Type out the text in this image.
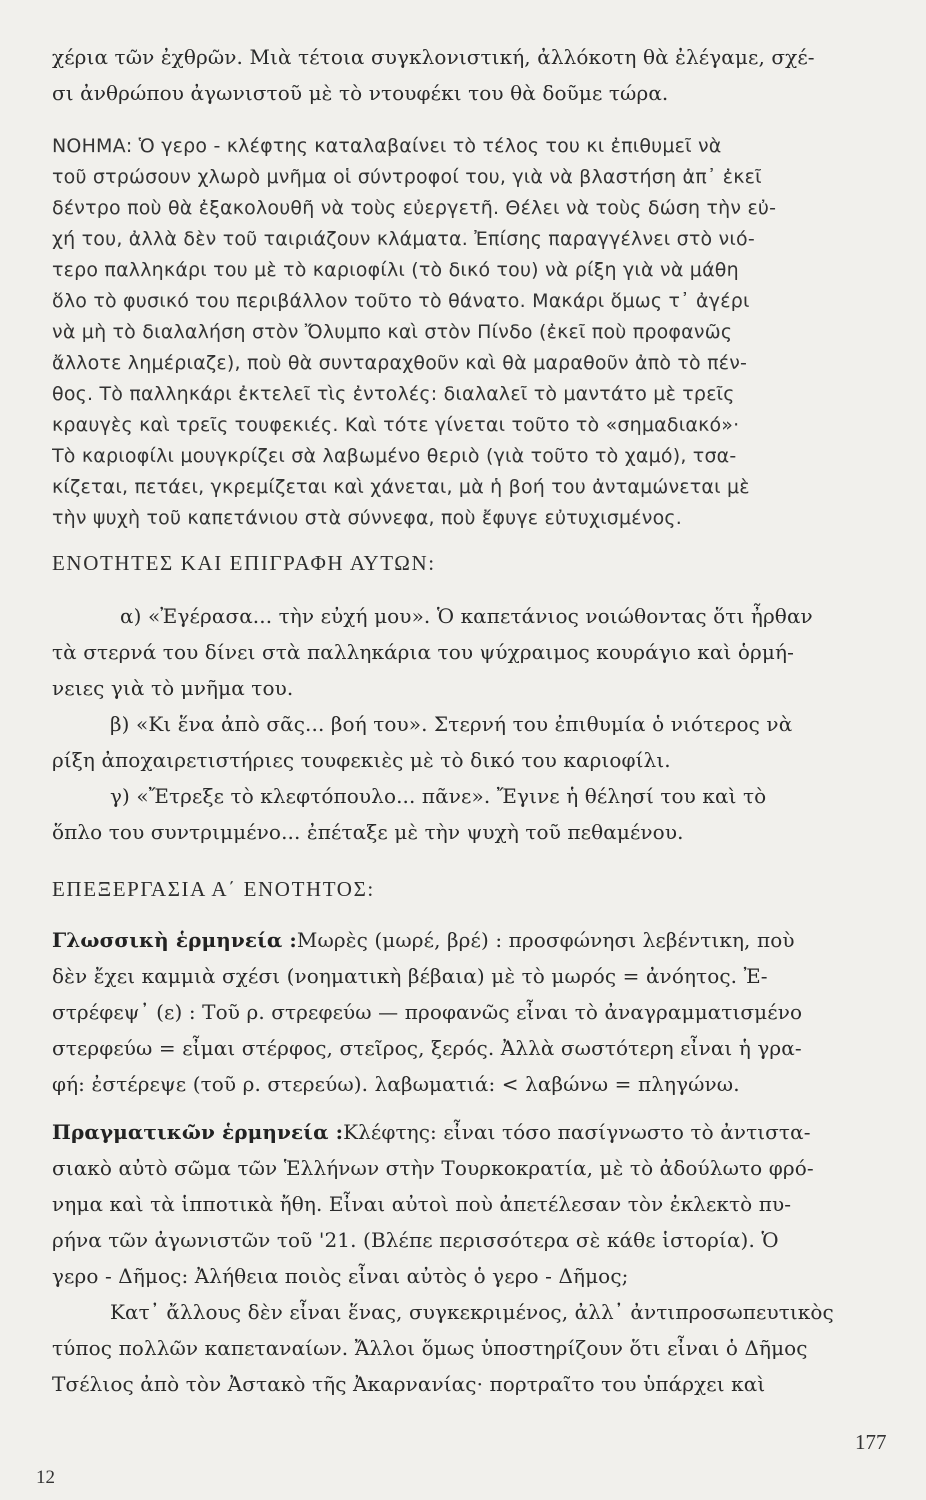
χέρια τῶν ἐχθρῶν. Μιὰ τέτοια συγκλονιστική, ἀλλόκοτη θὰ ἐλέγαμε, σχέ-
σι ἀνθρώπου ἀγωνιστοῦ μὲ τὸ ντουφέκι του θὰ δοῦμε τώρα.
ΝΟΗΜΑ: Ὁ γερο - κλέφτης καταλαβαίνει τὸ τέλος του κι ἐπιθυμεῖ νὰ
τοῦ στρώσουν χλωρὸ μνῆμα οἱ σύντροφοί του, γιὰ νὰ βλαστήση ἀπ᾽ ἐκεῖ
δέντρο ποὺ θὰ ἐξακολουθῆ νὰ τοὺς εὐεργετῆ. Θέλει νὰ τοὺς δώση τὴν εὐ-
χή του, ἀλλὰ δὲν τοῦ ταιριάζουν κλάματα. Ἐπίσης παραγγέλνει στὸ νιό-
τερο παλληκάρι του μὲ τὸ καριοφίλι (τὸ δικό του) νὰ ρίξη γιὰ νὰ μάθη
ὅλο τὸ φυσικό του περιβάλλον τοῦτο τὸ θάνατο. Μακάρι ὅμως τ᾽ ἀγέρι
νὰ μὴ τὸ διαλαλήση στὸν Ὄλυμπο καὶ στὸν Πίνδο (ἐκεῖ ποὺ προφανῶς
ἄλλοτε λημέριαζε), ποὺ θὰ συνταραχθοῦν καὶ θὰ μαραθοῦν ἀπὸ τὸ πέν-
θος. Τὸ παλληκάρι ἐκτελεῖ τὶς ἐντολές: διαλαλεῖ τὸ μαντάτο μὲ τρεῖς
κραυγὲς καὶ τρεῖς τουφεκιές. Καὶ τότε γίνεται τοῦτο τὸ «σημαδιακό»·
Τὸ καριοφίλι μουγκρίζει σὰ λαβωμένο θεριὸ (γιὰ τοῦτο τὸ χαμό), τσα-
κίζεται, πετάει, γκρεμίζεται καὶ χάνεται, μὰ ἡ βοή του ἀνταμώνεται μὲ
τὴν ψυχὴ τοῦ καπετάνιου στὰ σύννεφα, ποὺ ἔφυγε εὐτυχισμένος.
ΕΝΟΤΗΤΕΣ ΚΑΙ ΕΠΙΓΡΑΦΗ ΑΥΤΩΝ:
α) «Ἐγέρασα... τὴν εὐχή μου». Ὁ καπετάνιος νοιώθοντας ὅτι ἦρθαν
τὰ στερνά του δίνει στὰ παλληκάρια του ψύχραιμος κουράγιο καὶ ὁρμή-
νειες γιὰ τὸ μνῆμα του.
β) «Κι ἕνα ἀπὸ σᾶς... βοή του». Στερνή του ἐπιθυμία ὁ νιότερος νὰ
ρίξη ἀποχαιρετιστήριες τουφεκιὲς μὲ τὸ δικό του καριοφίλι.
γ) «Ἔτρεξε τὸ κλεφτόπουλο... πᾶνε». Ἔγινε ἡ θέλησί του καὶ τὸ
ὅπλο του συντριμμένο... ἐπέταξε μὲ τὴν ψυχὴ τοῦ πεθαμένου.
ΕΠΕΞΕΡΓΑΣΙΑ Α΄ ΕΝΟΤΗΤΟΣ:
Γλωσσικὴ ἑρμηνεία :Μωρὲς (μωρέ, βρέ) : προσφώνησι λεβέντικη, ποὺ
δὲν ἔχει καμμιὰ σχέσι (νοηματικὴ βέβαια) μὲ τὸ μωρός = ἀνόητος. Ἐ-
στρέφεψ᾽ (ε) : Τοῦ ρ. στρεφεύω — προφανῶς εἶναι τὸ ἀναγραμματισμένο
στερφεύω = εἶμαι στέρφος, στεῖρος, ξερός. Ἀλλὰ σωστότερη εἶναι ἡ γρα-
φή: ἐστέρεψε (τοῦ ρ. στερεύω). λαβωματιά: < λαβώνω = πληγώνω.
Πραγματικῶν ἑρμηνεία :Κλέφτης: εἶναι τόσο πασίγνωστο τὸ ἀντιστα-
σιακὸ αὐτὸ σῶμα τῶν Ἑλλήνων στὴν Τουρκοκρατία, μὲ τὸ ἀδούλωτο φρό-
νημα καὶ τὰ ἱπποτικὰ ἤθη. Εἶναι αὐτοὶ ποὺ ἀπετέλεσαν τὸν ἐκλεκτὸ πυ-
ρήνα τῶν ἀγωνιστῶν τοῦ '21. (Βλέπε περισσότερα σὲ κάθε ἱστορία). Ὁ
γερο - Δῆμος: Ἀλήθεια ποιὸς εἶναι αὐτὸς ὁ γερο - Δῆμος;
Κατ᾽ ἄλλους δὲν εἶναι ἕνας, συγκεκριμένος, ἀλλ᾽ ἀντιπροσωπευτικὸς
τύπος πολλῶν καπεταναίων. Ἄλλοι ὅμως ὑποστηρίζουν ὅτι εἶναι ὁ Δῆμος
Τσέλιος ἀπὸ τὸν Ἀστακὸ τῆς Ἀκαρνανίας· πορτραῖτο του ὑπάρχει καὶ
177
12
